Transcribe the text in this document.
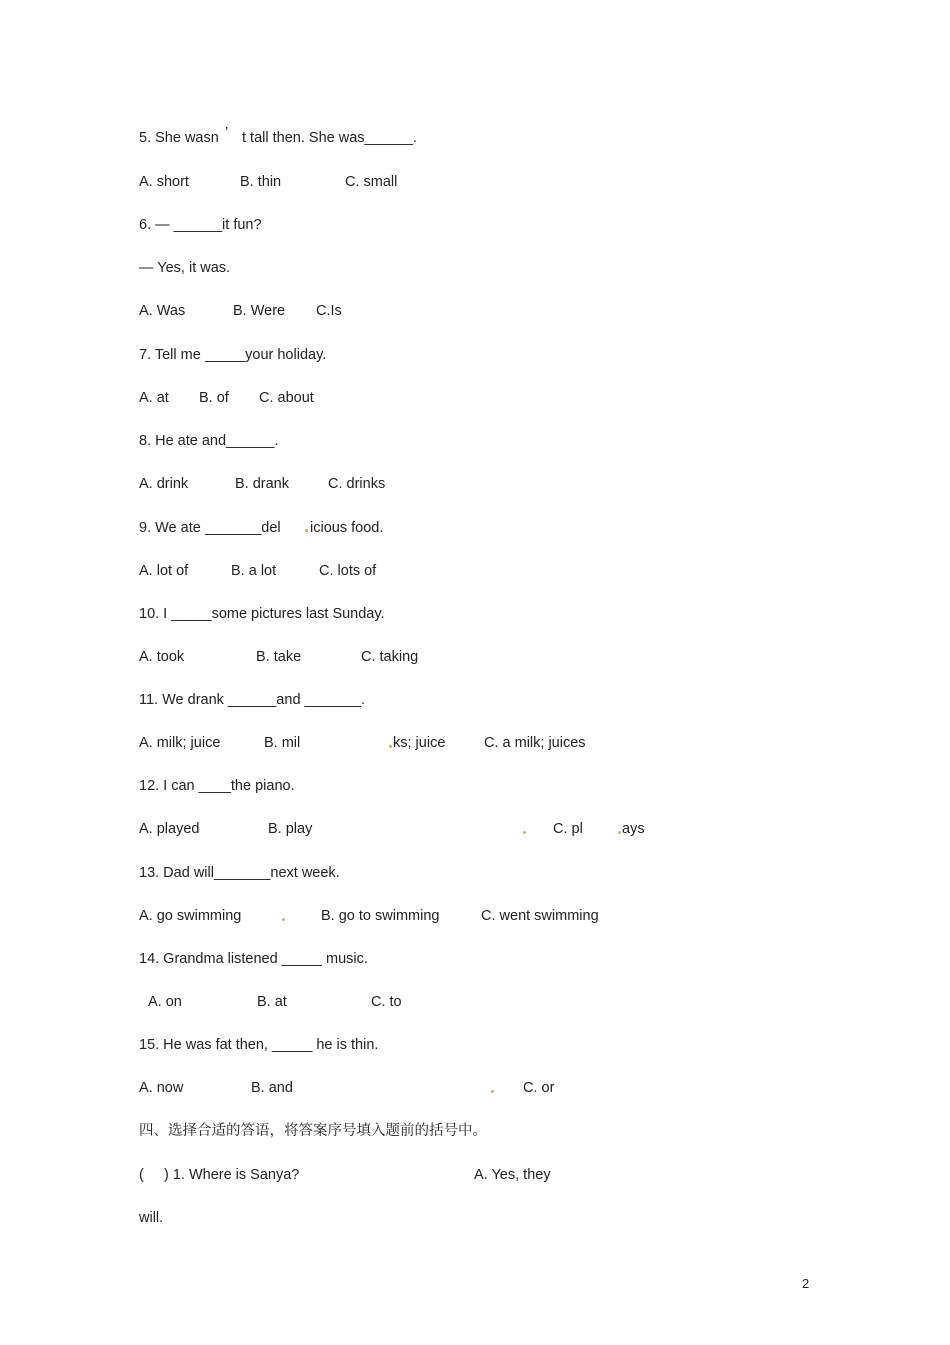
5. She wasn ’ t tall then. She was______.
A. short	B. thin	C. small
6. — ______it fun?
— Yes, it was.
A. Was	B. Were C.Is
7. Tell me _____your holiday.
A. at B. of C. about
8. He ate and______.
A. drink	B. drank	C. drinks
9. We ate _______del icious food.
A. lot of	B. a lot	C. lots of
10. I _____some pictures last Sunday.
A. took	B. take	C. taking
11. We drank ______and _______.
A. milk; juice	B. mil	ks; juice	C. a milk; juices
12. I can ____the piano.
A. played	B. play	C. pl	ays
13. Dad will_______next week.
A. go swimming	B. go to swimming	C. went swimming
14. Grandma listened _____ music.
A. on	B. at	C. to
15. He was fat then, _____ he is thin.
A. now	B. and	C. or
四、选择合适的答语，将答案序号填入题前的括号中。
(     ) 1. Where is Sanya?	A. Yes, they
will.
2
